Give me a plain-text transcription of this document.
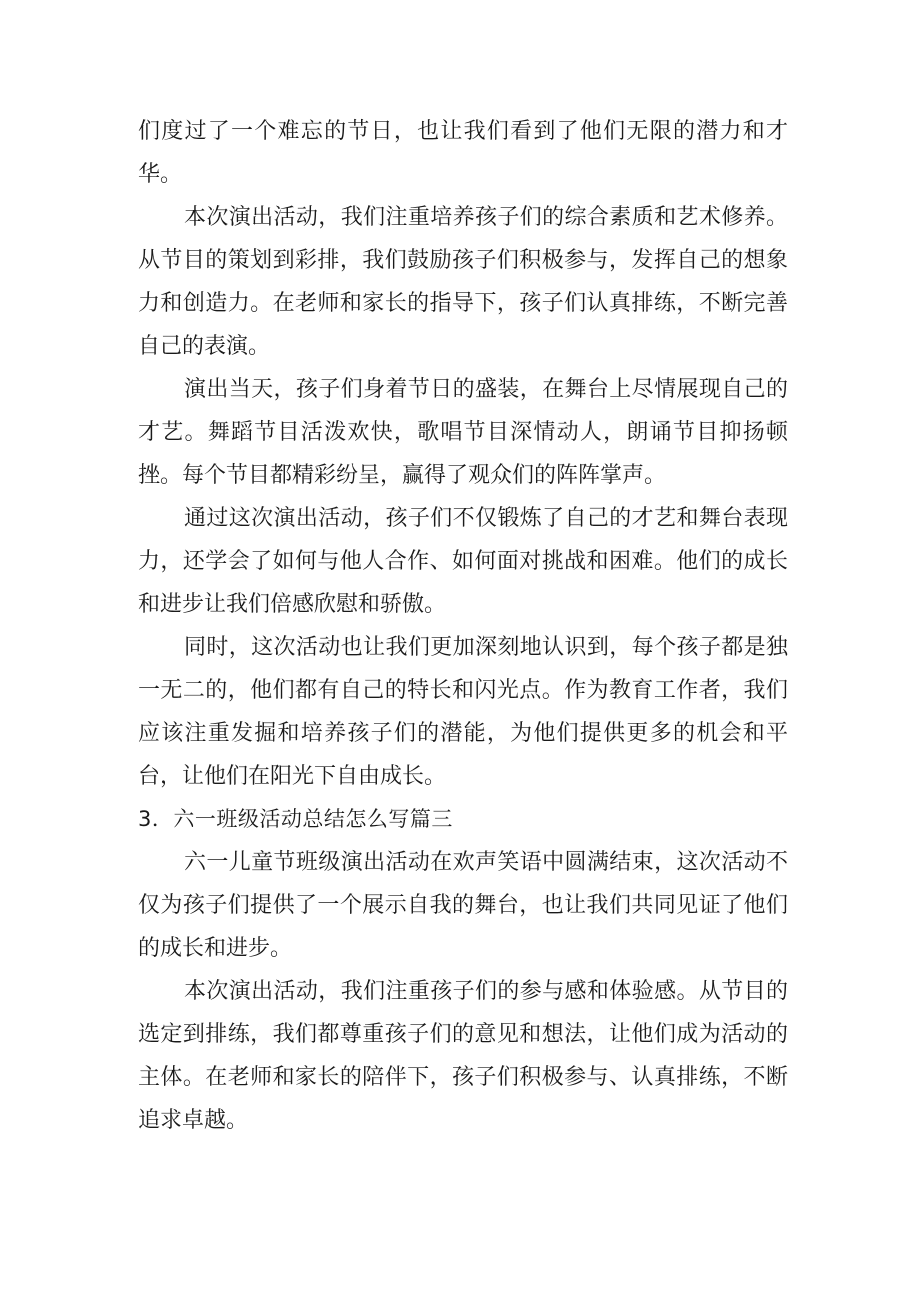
们度过了一个难忘的节日，也让我们看到了他们无限的潜力和才华。

本次演出活动，我们注重培养孩子们的综合素质和艺术修养。从节目的策划到彩排，我们鼓励孩子们积极参与，发挥自己的想象力和创造力。在老师和家长的指导下，孩子们认真排练，不断完善自己的表演。

演出当天，孩子们身着节日的盛装，在舞台上尽情展现自己的才艺。舞蹈节目活泼欢快，歌唱节目深情动人，朗诵节目抑扬顿挫。每个节目都精彩纷呈，赢得了观众们的阵阵掌声。

通过这次演出活动，孩子们不仅锻炼了自己的才艺和舞台表现力，还学会了如何与他人合作、如何面对挑战和困难。他们的成长和进步让我们倍感欣慰和骄傲。

同时，这次活动也让我们更加深刻地认识到，每个孩子都是独一无二的，他们都有自己的特长和闪光点。作为教育工作者，我们应该注重发掘和培养孩子们的潜能，为他们提供更多的机会和平台，让他们在阳光下自由成长。

3．六一班级活动总结怎么写篇三

六一儿童节班级演出活动在欢声笑语中圆满结束，这次活动不仅为孩子们提供了一个展示自我的舞台，也让我们共同见证了他们的成长和进步。

本次演出活动，我们注重孩子们的参与感和体验感。从节目的选定到排练，我们都尊重孩子们的意见和想法，让他们成为活动的主体。在老师和家长的陪伴下，孩子们积极参与、认真排练，不断追求卓越。
